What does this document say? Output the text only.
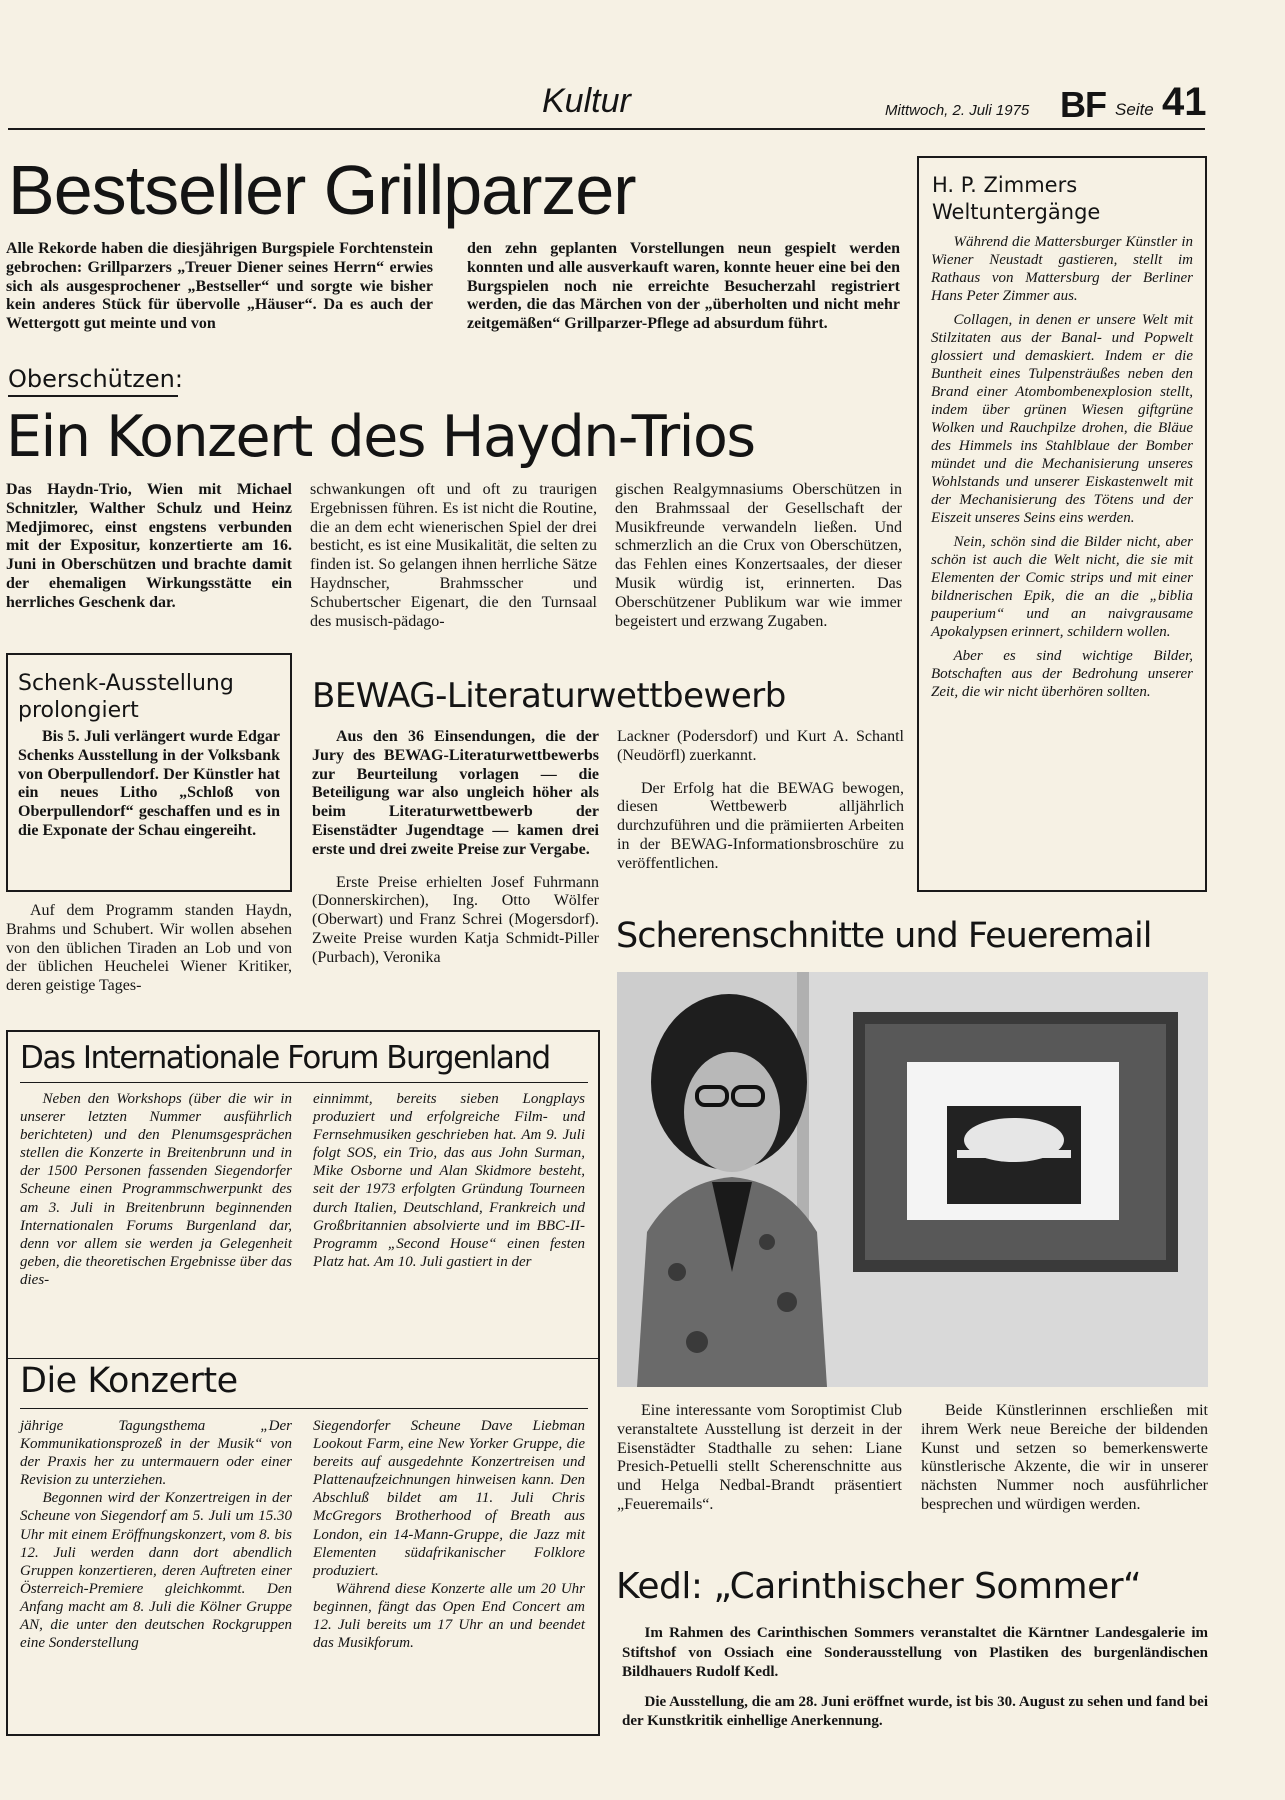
Kultur	Mittwoch, 2. Juli 1975 BF Seite 41
Bestseller Grillparzer

Alle Rekorde haben die diesjährigen Burgspiele Forchtenstein gebrochen: Grillparzers „Treuer Diener seines Herrn“ erwies sich als ausgesprochener „Bestseller“ und sorgte wie bisher kein anderes Stück für übervolle „Häuser“. Da es auch der Wettergott gut meinte und von

den zehn geplanten Vorstellungen neun gespielt werden konnten und alle ausverkauft waren, konnte heuer eine bei den Burgspielen noch nie erreichte Besucherzahl registriert werden, die das Märchen von der „überholten und nicht mehr zeitgemäßen“ Grillparzer-Pflege ad absurdum führt.

H. P. Zimmers
Weltuntergänge

Während die Mattersburger Künstler in Wiener Neustadt gastieren, stellt im Rathaus von Mattersburg der Berliner Hans Peter Zimmer aus.

Collagen, in denen er unsere Welt mit Stilzitaten aus der Banal- und Popwelt glossiert und demaskiert. Indem er die Buntheit eines Tulpensträußes neben den Brand einer Atombombenexplosion stellt, indem über grünen Wiesen giftgrüne Wolken und Rauchpilze drohen, die Bläue des Himmels ins Stahlblaue der Bomber mündet und die Mechanisierung unseres Wohlstands und unserer Eiskastenwelt mit der Mechanisierung des Tötens und der Eiszeit unseres Seins eins werden.

Nein, schön sind die Bilder nicht, aber schön ist auch die Welt nicht, die sie mit Elementen der Comic strips und mit einer bildnerischen Epik, die an die „biblia pauperium“ und an naivgrausame Apokalypsen erinnert, schildern wollen.

Aber es sind wichtige Bilder, Botschaften aus der Bedrohung unserer Zeit, die wir nicht überhören sollten.

Oberschützen:
Ein Konzert des Haydn-Trios

Das Haydn-Trio, Wien mit Michael Schnitzler, Walther Schulz und Heinz Medjimorec, einst engstens verbunden mit der Expositur, konzertierte am 16. Juni in Oberschützen und brachte damit der ehemaligen Wirkungsstätte ein herrliches Geschenk dar.

schwankungen oft und oft zu traurigen Ergebnissen führen. Es ist nicht die Routine, die an dem echt wienerischen Spiel der drei besticht, es ist eine Musikalität, die selten zu finden ist. So gelangen ihnen herrliche Sätze Haydnscher, Brahmsscher und Schubertscher Eigenart, die den Turnsaal des musisch-pädago-

gischen Realgymnasiums Oberschützen in den Brahmssaal der Gesellschaft der Musikfreunde verwandeln ließen. Und schmerzlich an die Crux von Oberschützen, das Fehlen eines Konzertsaales, der dieser Musik würdig ist, erinnerten. Das Oberschützener Publikum war wie immer begeistert und erzwang Zugaben.

Schenk-Ausstellung prolongiert

Bis 5. Juli verlängert wurde Edgar Schenks Ausstellung in der Volksbank von Oberpullendorf. Der Künstler hat ein neues Litho „Schloß von Oberpullendorf“ geschaffen und es in die Exponate der Schau eingereiht.

Auf dem Programm standen Haydn, Brahms und Schubert. Wir wollen absehen von den üblichen Tiraden an Lob und von der üblichen Heuchelei Wiener Kritiker, deren geistige Tages-

BEWAG-Literaturwettbewerb

Aus den 36 Einsendungen, die der Jury des BEWAG-Literaturwettbewerbs zur Beurteilung vorlagen — die Beteiligung war also ungleich höher als beim Literaturwettbewerb der Eisenstädter Jugendtage — kamen drei erste und drei zweite Preise zur Vergabe.

Erste Preise erhielten Josef Fuhrmann (Donnerskirchen), Ing. Otto Wölfer (Oberwart) und Franz Schrei (Mogersdorf). Zweite Preise wurden Katja Schmidt-Piller (Purbach), Veronika

Lackner (Podersdorf) und Kurt A. Schantl (Neudörfl) zuerkannt.

Der Erfolg hat die BEWAG bewogen, diesen Wettbewerb alljährlich durchzuführen und die prämiierten Arbeiten in der BEWAG-Informationsbroschüre zu veröffentlichen.

Das Internationale Forum Burgenland

Neben den Workshops (über die wir in unserer letzten Nummer ausführlich berichteten) und den Plenumsgesprächen stellen die Konzerte in Breitenbrunn und in der 1500 Personen fassenden Siegendorfer Scheune einen Programmschwerpunkt des am 3. Juli in Breitenbrunn beginnenden Internationalen Forums Burgenland dar, denn vor allem sie werden ja Gelegenheit geben, die theoretischen Ergebnisse über das dies-

einnimmt, bereits sieben Longplays produziert und erfolgreiche Film- und Fernsehmusiken geschrieben hat. Am 9. Juli folgt SOS, ein Trio, das aus John Surman, Mike Osborne und Alan Skidmore besteht, seit der 1973 erfolgten Gründung Tourneen durch Italien, Deutschland, Frankreich und Großbritannien absolvierte und im BBC-II-Programm „Second House“ einen festen Platz hat. Am 10. Juli gastiert in der

Die Konzerte

jährige Tagungsthema „Der Kommunikationsprozeß in der Musik“ von der Praxis her zu untermauern oder einer Revision zu unterziehen.

Begonnen wird der Konzertreigen in der Scheune von Siegendorf am 5. Juli um 15.30 Uhr mit einem Eröffnungskonzert, vom 8. bis 12. Juli werden dann dort abendlich Gruppen konzertieren, deren Auftreten einer Österreich-Premiere gleichkommt. Den Anfang macht am 8. Juli die Kölner Gruppe AN, die unter den deutschen Rockgruppen eine Sonderstellung

Siegendorfer Scheune Dave Liebman Lookout Farm, eine New Yorker Gruppe, die bereits auf ausgedehnte Konzertreisen und Plattenaufzeichnungen hinweisen kann. Den Abschluß bildet am 11. Juli Chris McGregors Brotherhood of Breath aus London, ein 14-Mann-Gruppe, die Jazz mit Elementen südafrikanischer Folklore produziert.

Während diese Konzerte alle um 20 Uhr beginnen, fängt das Open End Concert am 12. Juli bereits um 17 Uhr an und beendet das Musikforum.

Scherenschnitte und Feueremail

Eine interessante vom Soroptimist Club veranstaltete Ausstellung ist derzeit in der Eisenstädter Stadthalle zu sehen: Liane Presich-Petuelli stellt Scherenschnitte aus und Helga Nedbal-Brandt präsentiert „Feueremails“.

Beide Künstlerinnen erschließen mit ihrem Werk neue Bereiche der bildenden Kunst und setzen so bemerkenswerte künstlerische Akzente, die wir in unserer nächsten Nummer noch ausführlicher besprechen und würdigen werden.

Kedl: „Carinthischer Sommer“

Im Rahmen des Carinthischen Sommers veranstaltet die Kärntner Landesgalerie im Stiftshof von Ossiach eine Sonderausstellung von Plastiken des burgenländischen Bildhauers Rudolf Kedl.

Die Ausstellung, die am 28. Juni eröffnet wurde, ist bis 30. August zu sehen und fand bei der Kunstkritik einhellige Anerkennung.
